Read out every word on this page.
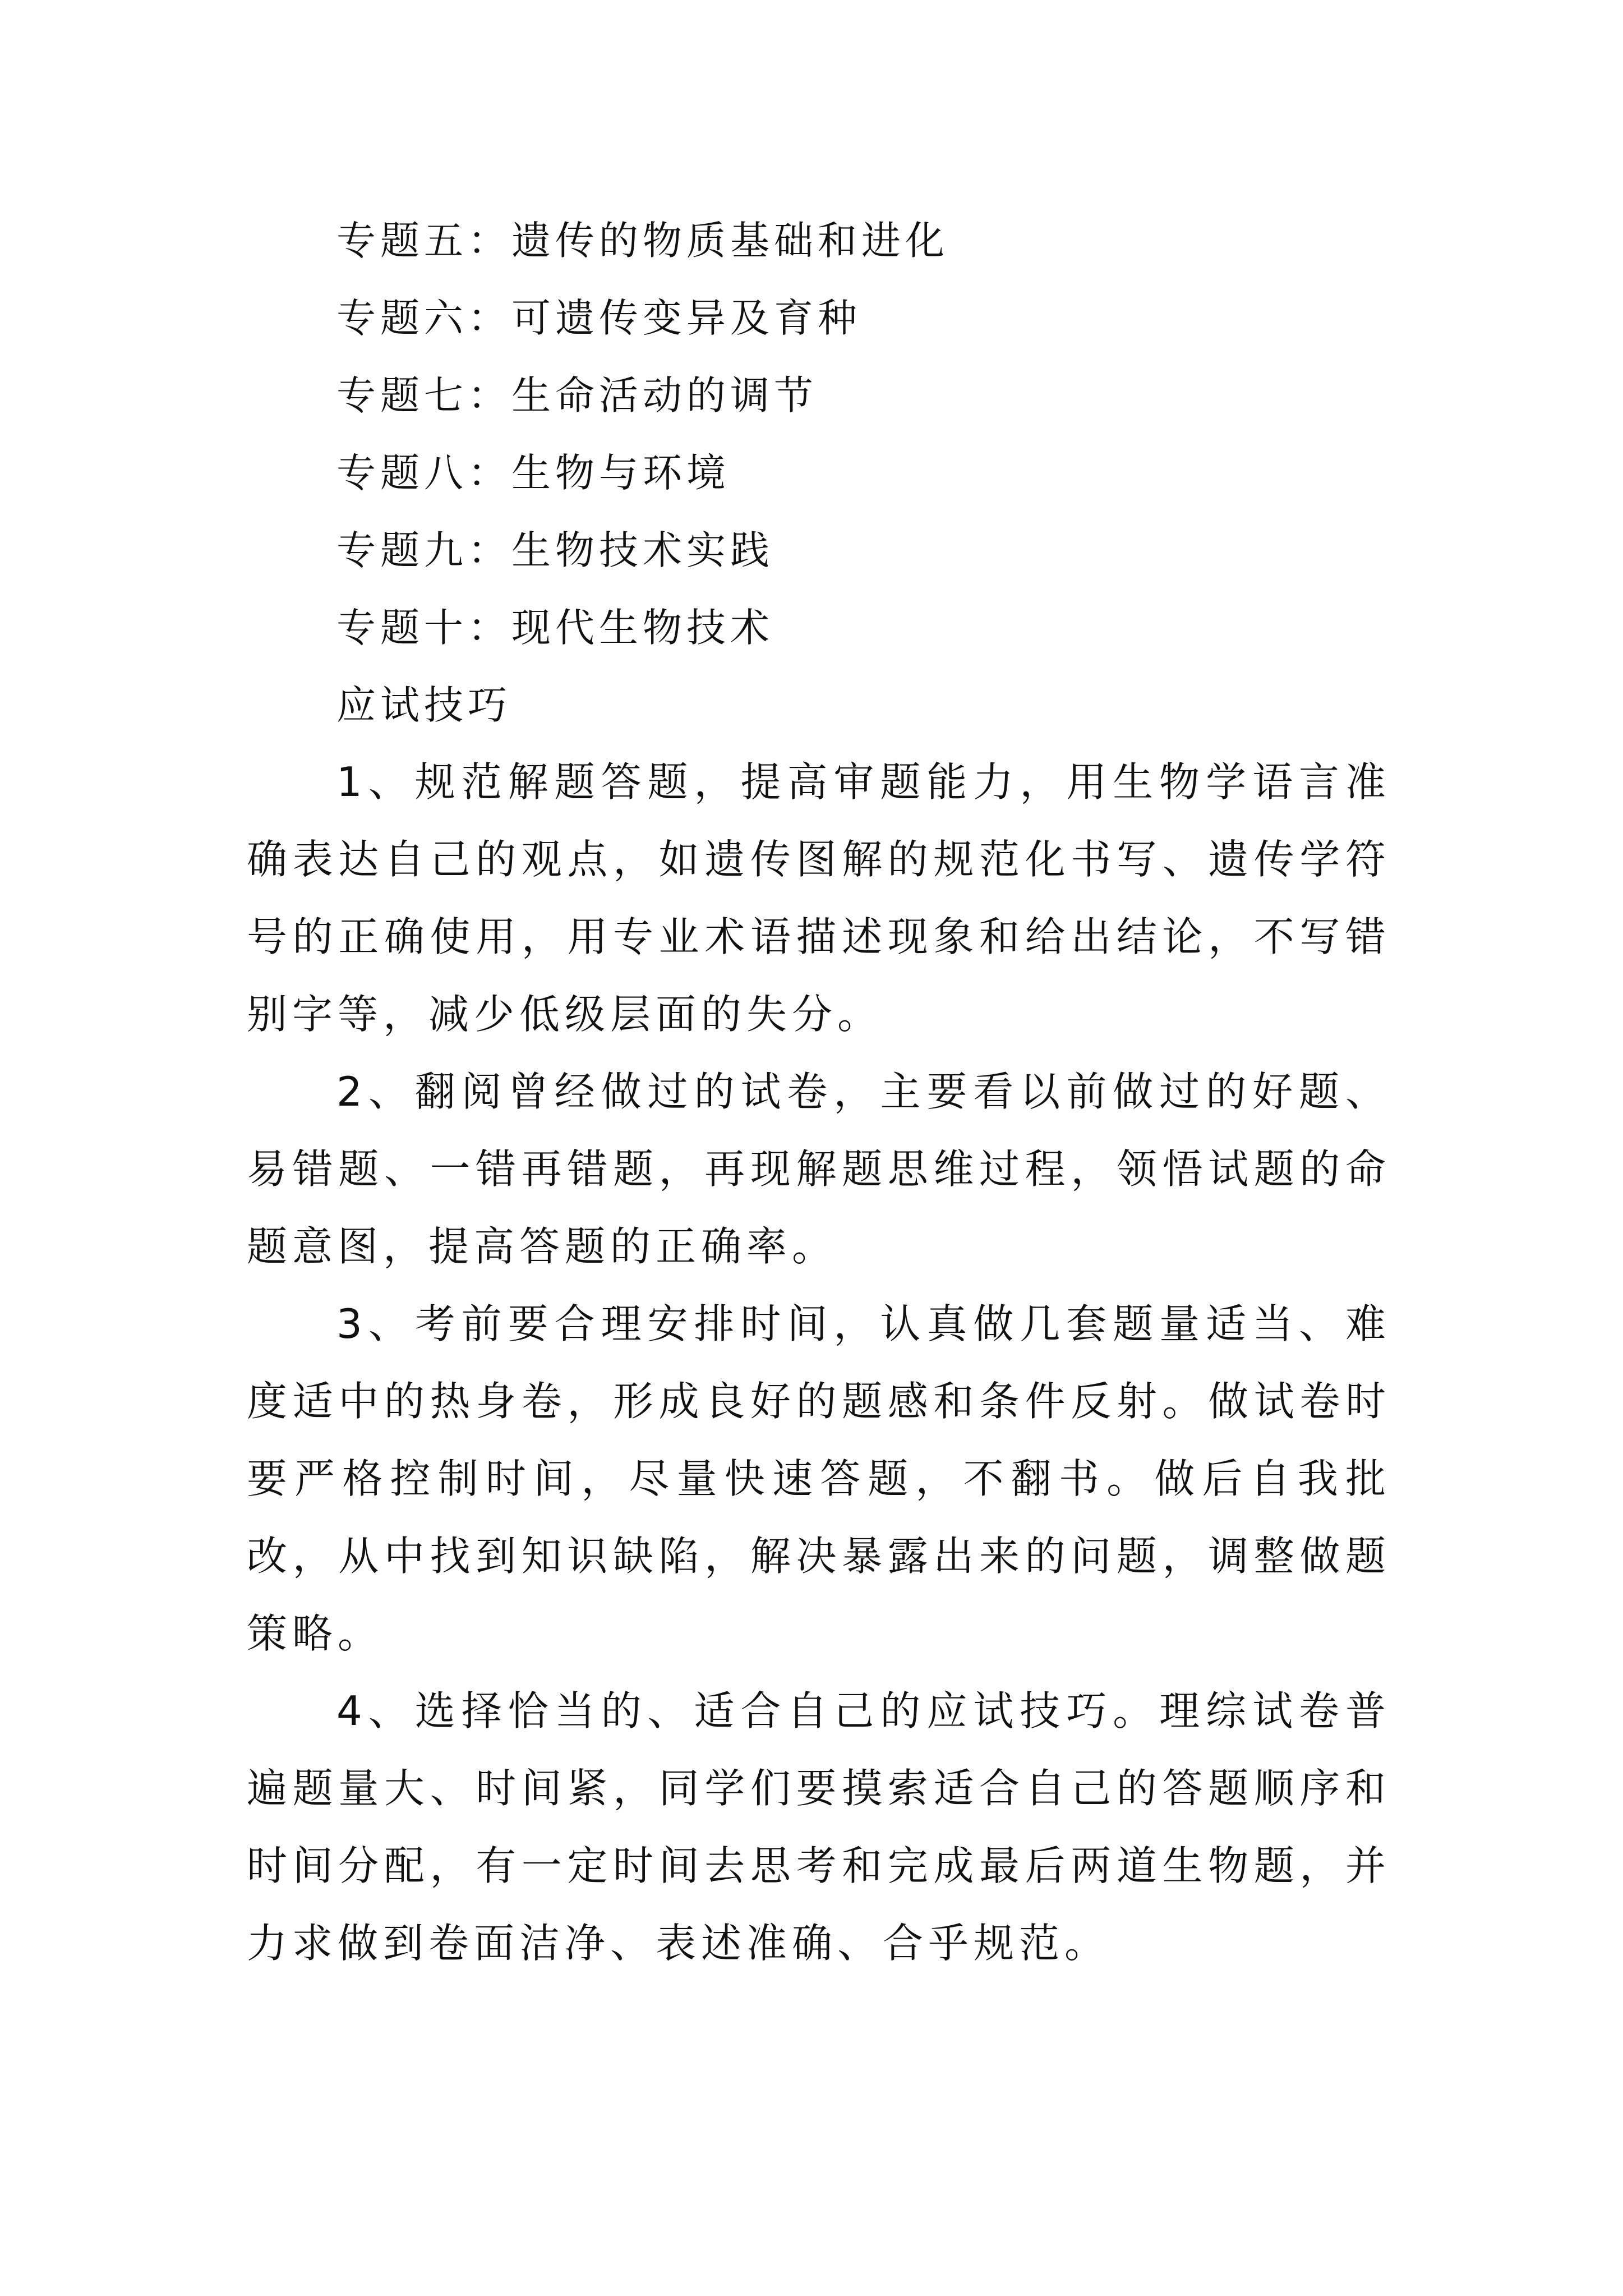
专题五：遗传的物质基础和进化
专题六：可遗传变异及育种
专题七：生命活动的调节
专题八：生物与环境
专题九：生物技术实践
专题十：现代生物技术
应试技巧

1、规范解题答题，提高审题能力，用生物学语言准确表达自己的观点，如遗传图解的规范化书写、遗传学符号的正确使用，用专业术语描述现象和给出结论，不写错别字等，减少低级层面的失分。

2、翻阅曾经做过的试卷，主要看以前做过的好题、易错题、一错再错题，再现解题思维过程，领悟试题的命题意图，提高答题的正确率。

3、考前要合理安排时间，认真做几套题量适当、难度适中的热身卷，形成良好的题感和条件反射。做试卷时要严格控制时间，尽量快速答题，不翻书。做后自我批改，从中找到知识缺陷，解决暴露出来的问题，调整做题策略。

4、选择恰当的、适合自己的应试技巧。理综试卷普遍题量大、时间紧，同学们要摸索适合自己的答题顺序和时间分配，有一定时间去思考和完成最后两道生物题，并力求做到卷面洁净、表述准确、合乎规范。
